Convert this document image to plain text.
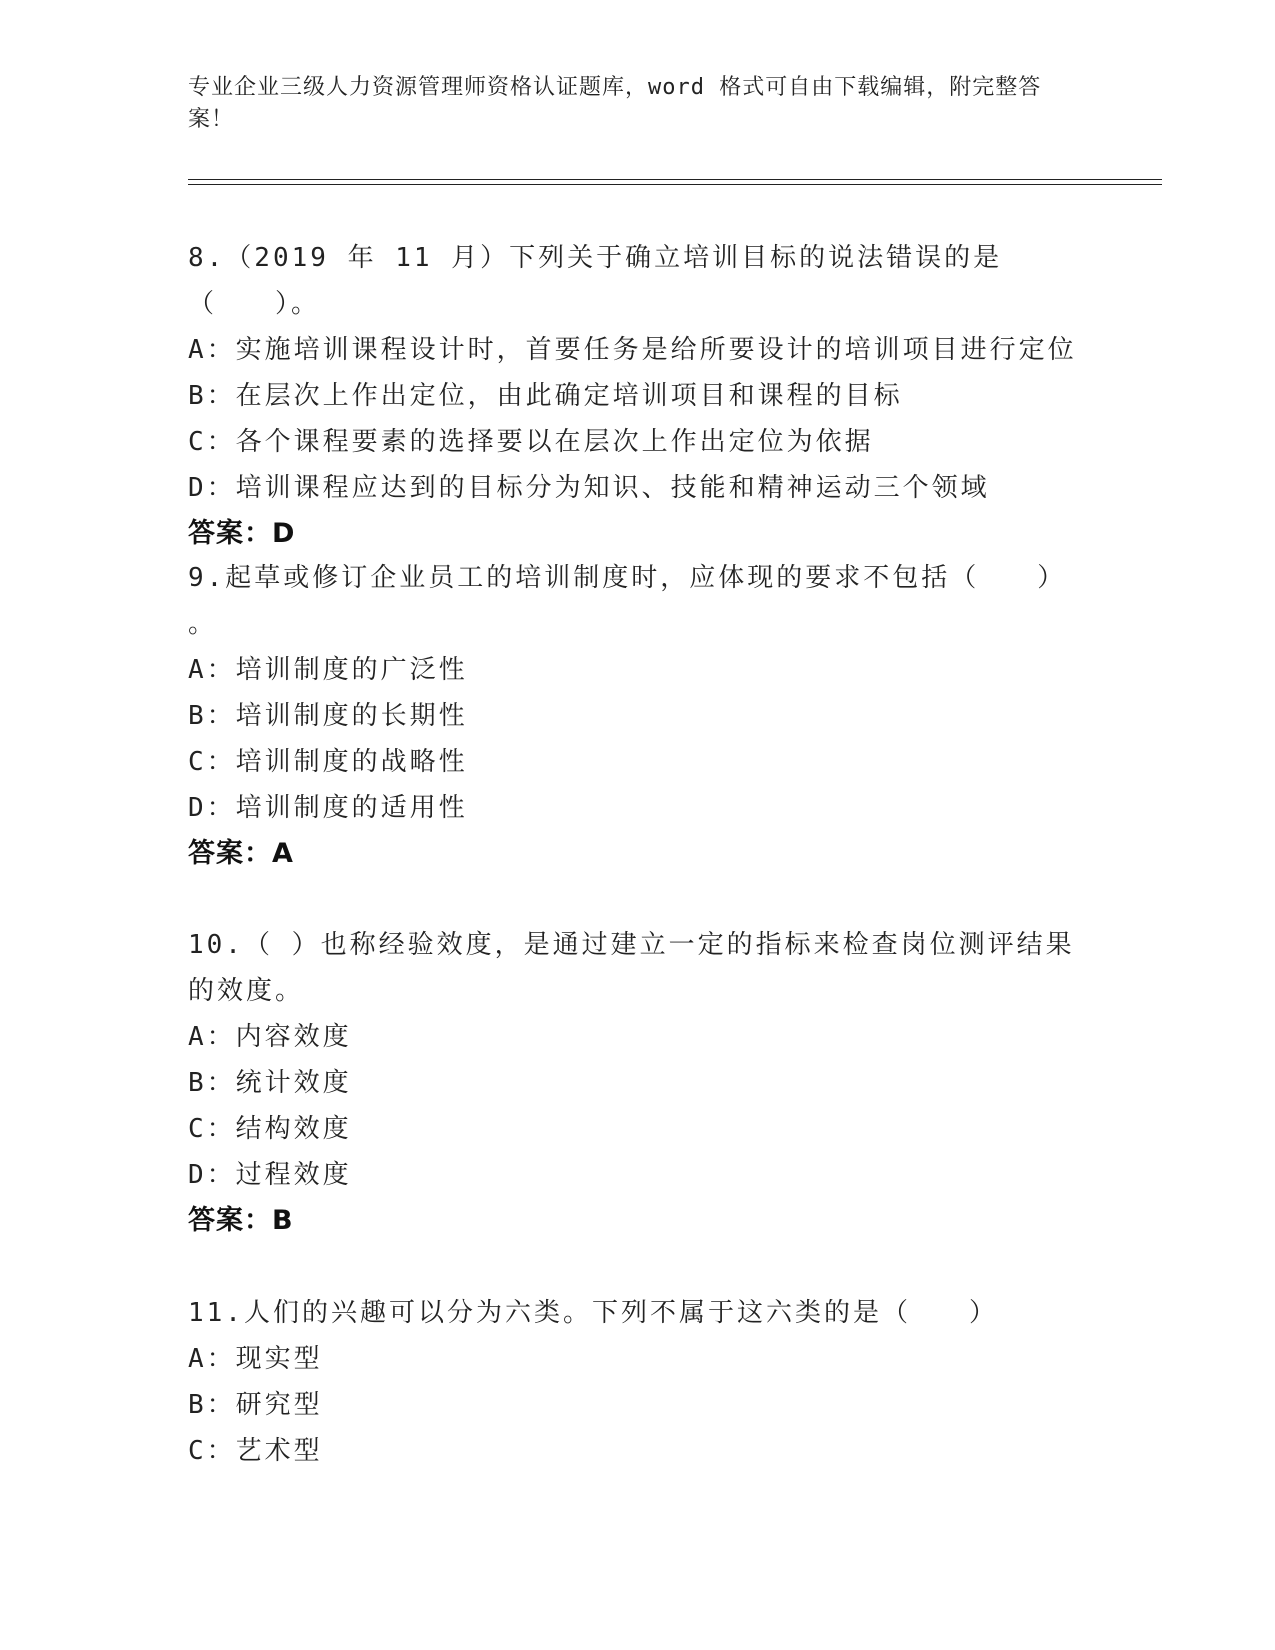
专业企业三级人力资源管理师资格认证题库，word 格式可自由下载编辑，附完整答案！
8.（2019 年 11 月）下列关于确立培训目标的说法错误的是（　　）。
A：实施培训课程设计时，首要任务是给所要设计的培训项目进行定位
B：在层次上作出定位，由此确定培训项目和课程的目标
C：各个课程要素的选择要以在层次上作出定位为依据
D：培训课程应达到的目标分为知识、技能和精神运动三个领域
答案：D
9.起草或修订企业员工的培训制度时，应体现的要求不包括（　　）
。
A：培训制度的广泛性
B：培训制度的长期性
C：培训制度的战略性
D：培训制度的适用性
答案：A
10.（ ）也称经验效度，是通过建立一定的指标来检查岗位测评结果
的效度。
A：内容效度
B：统计效度
C：结构效度
D：过程效度
答案：B
11.人们的兴趣可以分为六类。下列不属于这六类的是（　　）
A：现实型
B：研究型
C：艺术型
